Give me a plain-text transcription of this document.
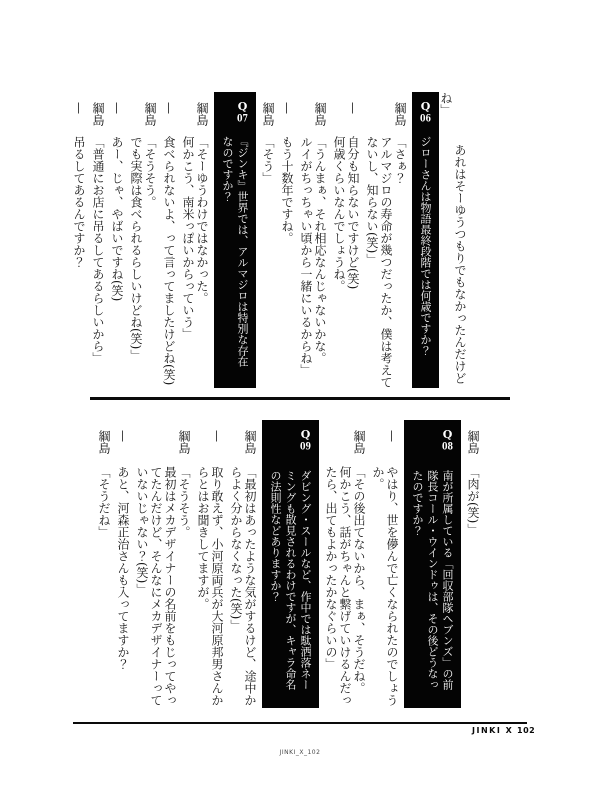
あれはそーゆうつもりでもなかったんだけどね」

Q06
ジローさんは物語最終段階では何歳ですか？
綱島

「さぁ？

アルマジロの寿命が幾つだったか、僕は考えてないし、知らない(笑)」

—

自分も知らないですけど(笑)

何歳くらいなんでしょうね。

綱島

「うんまぁ、それ相応なんじゃないかな。

ルイがちっちゃい頃から一緒にいるからね」

—

もう十数年ですね。

綱島

「そう」

Q07
『ジンキ』世界では、アルマジロは特別な存在なのですか？
綱島

「そーゆうわけではなかった。

何かこう、南米っぽいからっていう」

—

食べられないよ、って言ってましたけどね(笑)

綱島

「そうそう。

でも実際は食べられるらしいけどね(笑)」

—

あー、じゃ、やばいですね(笑)

綱島

「普通にお店に吊るしてあるらしいから」

—

吊るしてあるんですか？

綱島

「肉が(笑)」

Q08
南が所属している「回収部隊ヘブンズ」の前隊長コール・ウインドゥは、その後どうなったのですか？
—

やはり、世を儚んで亡くなられたのでしょうか。

綱島

「その後出てないから、まぁ、そうだね。

何かこう、話がちゃんと繋げていけるんだったら、出てもよかったかなぐらいの」

Q09
ダビング・スールなど、作中では駄洒落ネーミングも散見されるわけですが、キャラ命名の法則性などありますか？
綱島

「最初はあったような気がするけど、途中からよく分からなくなった(笑)」

—

取り敢えず、小河原両兵が大河原邦男さんからとはお聞きしてますが。

綱島

「そうそう。

最初はメカデザイナーの名前をもじってやってたんだけど、そんなにメカデザイナーっていないじゃない？(笑)」

—

あと、河森正治さんも入ってますか？

綱島

「そうだね」

JINKI X 102
JINKI_X_102
